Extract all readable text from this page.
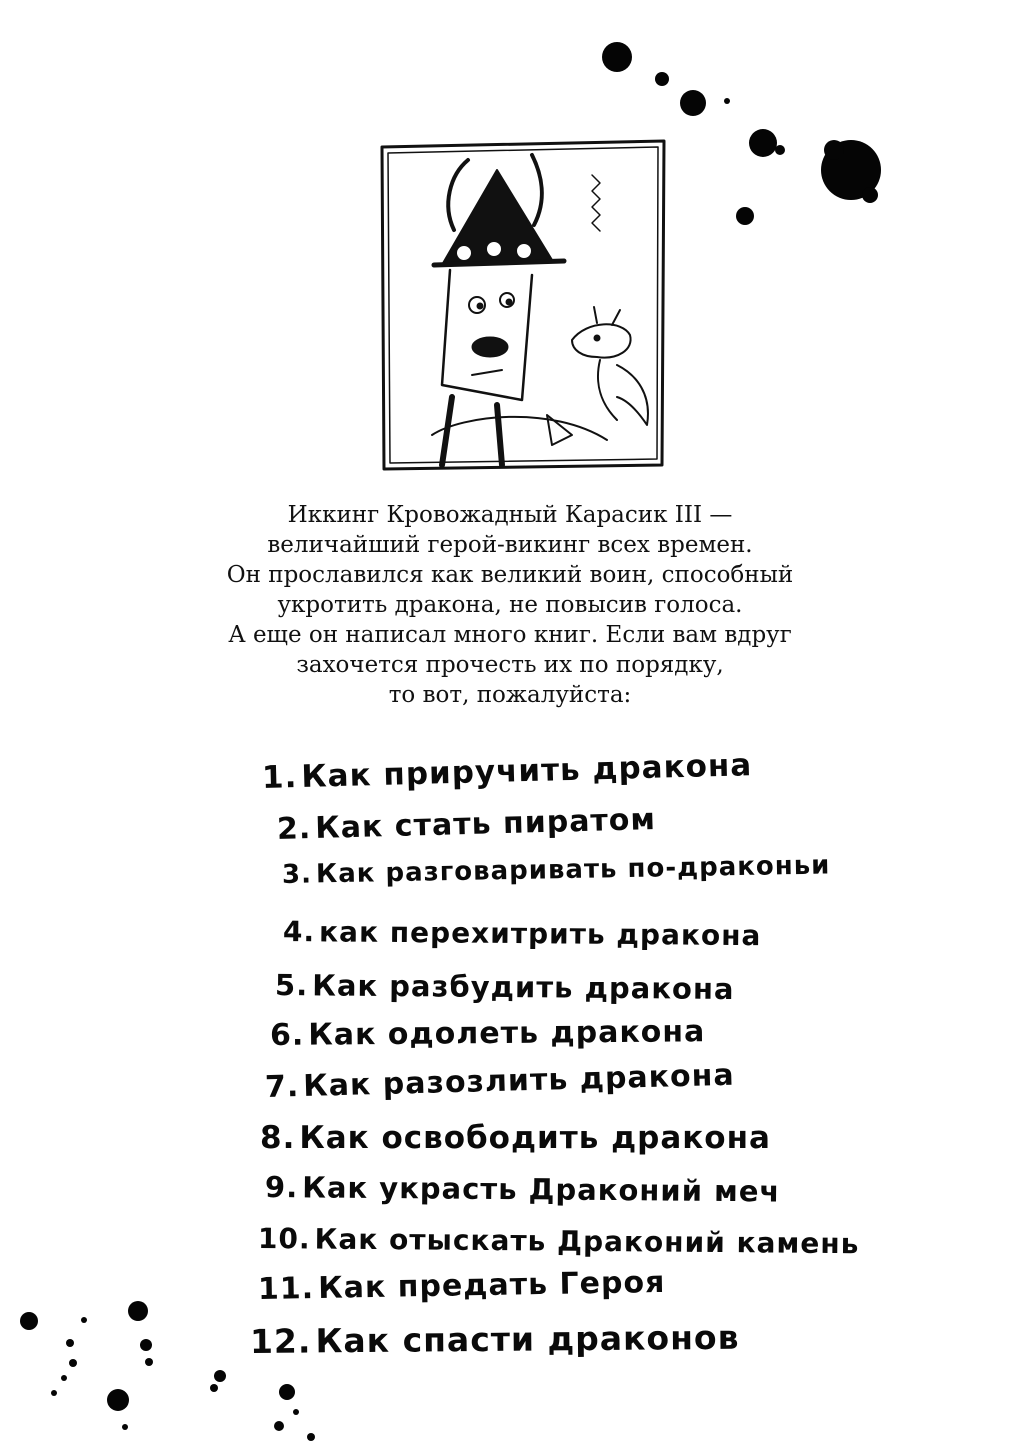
Иккинг Кровожадный Карасик III —
величайший герой-викинг всех времен.
Он прославился как великий воин, способный
укротить дракона, не повысив голоса.
А еще он написал много книг. Если вам вдруг
захочется прочесть их по порядку,
то вот, пожалуйста:
1.Как приручить дракона
2. Как стать пиратом
3. Как разговаривать по-драконьи
4. как перехитрить дракона
5. Как разбудить дракона
6. Как одолеть дракона
7. Как разозлить дракона
8. Как освободить дракона
9. Как украсть Драконий меч
10. Как отыскать Драконий камень
11. Как предать Героя
12. Как спасти драконов
